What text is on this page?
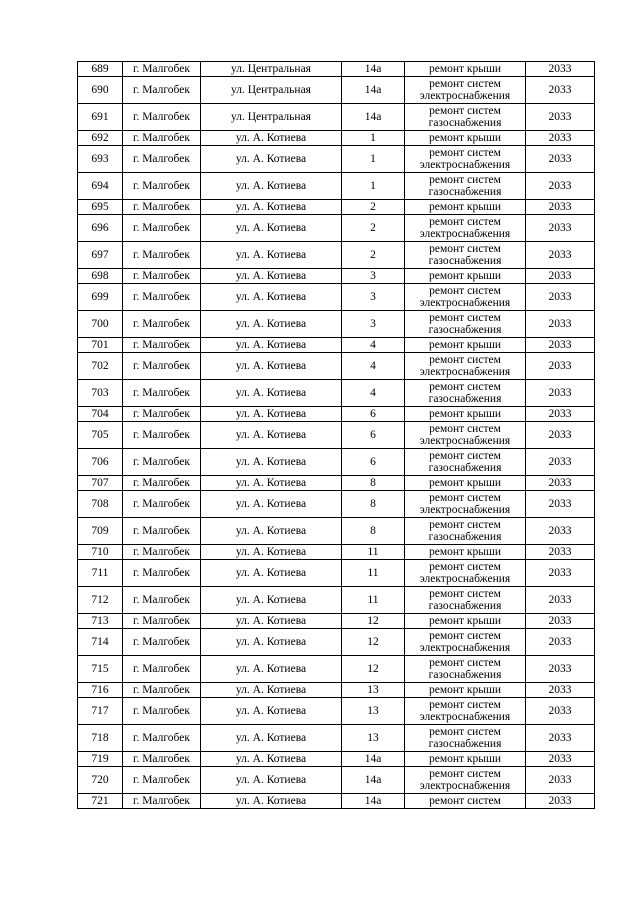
689	г. Малгобек	ул. Центральная	14а	ремонт крыши	2033
690	г. Малгобек	ул. Центральная	14а	ремонт систем электроснабжения	2033
691	г. Малгобек	ул. Центральная	14а	ремонт систем газоснабжения	2033
692	г. Малгобек	ул. А. Котиева	1	ремонт крыши	2033
693	г. Малгобек	ул. А. Котиева	1	ремонт систем электроснабжения	2033
694	г. Малгобек	ул. А. Котиева	1	ремонт систем газоснабжения	2033
695	г. Малгобек	ул. А. Котиева	2	ремонт крыши	2033
696	г. Малгобек	ул. А. Котиева	2	ремонт систем электроснабжения	2033
697	г. Малгобек	ул. А. Котиева	2	ремонт систем газоснабжения	2033
698	г. Малгобек	ул. А. Котиева	3	ремонт крыши	2033
699	г. Малгобек	ул. А. Котиева	3	ремонт систем электроснабжения	2033
700	г. Малгобек	ул. А. Котиева	3	ремонт систем газоснабжения	2033
701	г. Малгобек	ул. А. Котиева	4	ремонт крыши	2033
702	г. Малгобек	ул. А. Котиева	4	ремонт систем электроснабжения	2033
703	г. Малгобек	ул. А. Котиева	4	ремонт систем газоснабжения	2033
704	г. Малгобек	ул. А. Котиева	6	ремонт крыши	2033
705	г. Малгобек	ул. А. Котиева	6	ремонт систем электроснабжения	2033
706	г. Малгобек	ул. А. Котиева	6	ремонт систем газоснабжения	2033
707	г. Малгобек	ул. А. Котиева	8	ремонт крыши	2033
708	г. Малгобек	ул. А. Котиева	8	ремонт систем электроснабжения	2033
709	г. Малгобек	ул. А. Котиева	8	ремонт систем газоснабжения	2033
710	г. Малгобек	ул. А. Котиева	11	ремонт крыши	2033
711	г. Малгобек	ул. А. Котиева	11	ремонт систем электроснабжения	2033
712	г. Малгобек	ул. А. Котиева	11	ремонт систем газоснабжения	2033
713	г. Малгобек	ул. А. Котиева	12	ремонт крыши	2033
714	г. Малгобек	ул. А. Котиева	12	ремонт систем электроснабжения	2033
715	г. Малгобек	ул. А. Котиева	12	ремонт систем газоснабжения	2033
716	г. Малгобек	ул. А. Котиева	13	ремонт крыши	2033
717	г. Малгобек	ул. А. Котиева	13	ремонт систем электроснабжения	2033
718	г. Малгобек	ул. А. Котиева	13	ремонт систем газоснабжения	2033
719	г. Малгобек	ул. А. Котиева	14а	ремонт крыши	2033
720	г. Малгобек	ул. А. Котиева	14а	ремонт систем электроснабжения	2033
721	г. Малгобек	ул. А. Котиева	14а	ремонт систем	2033
